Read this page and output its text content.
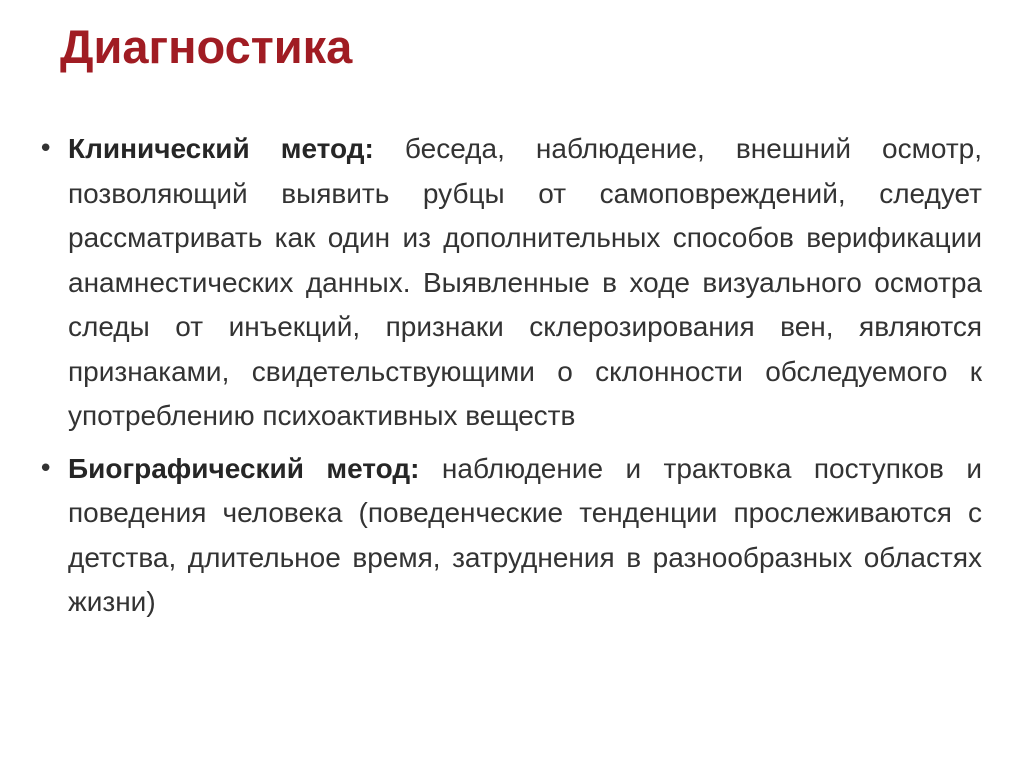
Диагностика
• Клинический метод: беседа, наблюдение, внешний осмотр, позволяющий выявить рубцы от самоповреждений, следует рассматривать как один из дополнительных способов верификации анамнестических данных. Выявленные в ходе визуального осмотра следы от инъекций, признаки склерозирования вен, являются признаками, свидетельствующими о склонности обследуемого к употреблению психоактивных веществ
• Биографический метод: наблюдение и трактовка поступков и поведения человека (поведенческие тенденции прослеживаются с детства, длительное время, затруднения в разнообразных областях жизни)
